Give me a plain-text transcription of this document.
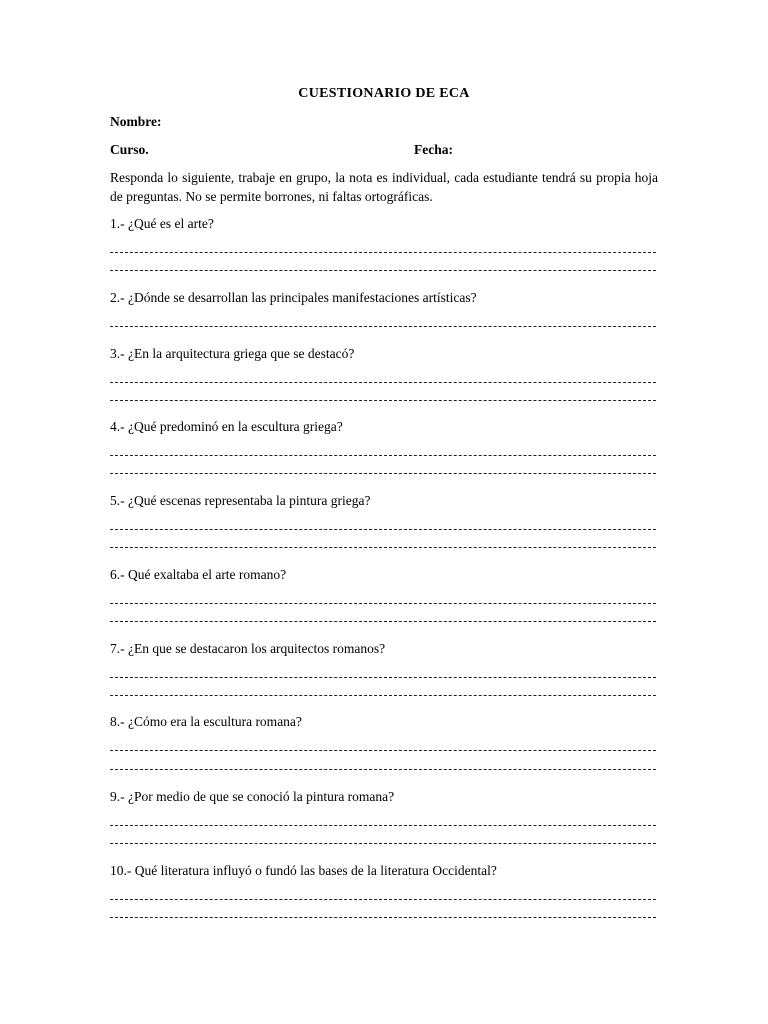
CUESTIONARIO DE ECA
Nombre:
Curso.	Fecha:
Responda lo siguiente, trabaje en grupo, la nota es individual, cada estudiante tendrá su propia hoja de preguntas. No se permite borrones, ni faltas ortográficas.
1.- ¿Qué es el arte?
2.- ¿Dónde se desarrollan las principales manifestaciones artísticas?
3.- ¿En la arquitectura griega que se destacó?
4.- ¿Qué predominó en la escultura griega?
5.- ¿Qué escenas representaba la pintura griega?
6.- Qué exaltaba el arte romano?
7.- ¿En que se destacaron los arquitectos romanos?
8.- ¿Cómo era la escultura romana?
9.- ¿Por medio de que se conoció la pintura romana?
10.- Qué literatura influyó o fundó las bases de la literatura Occidental?
